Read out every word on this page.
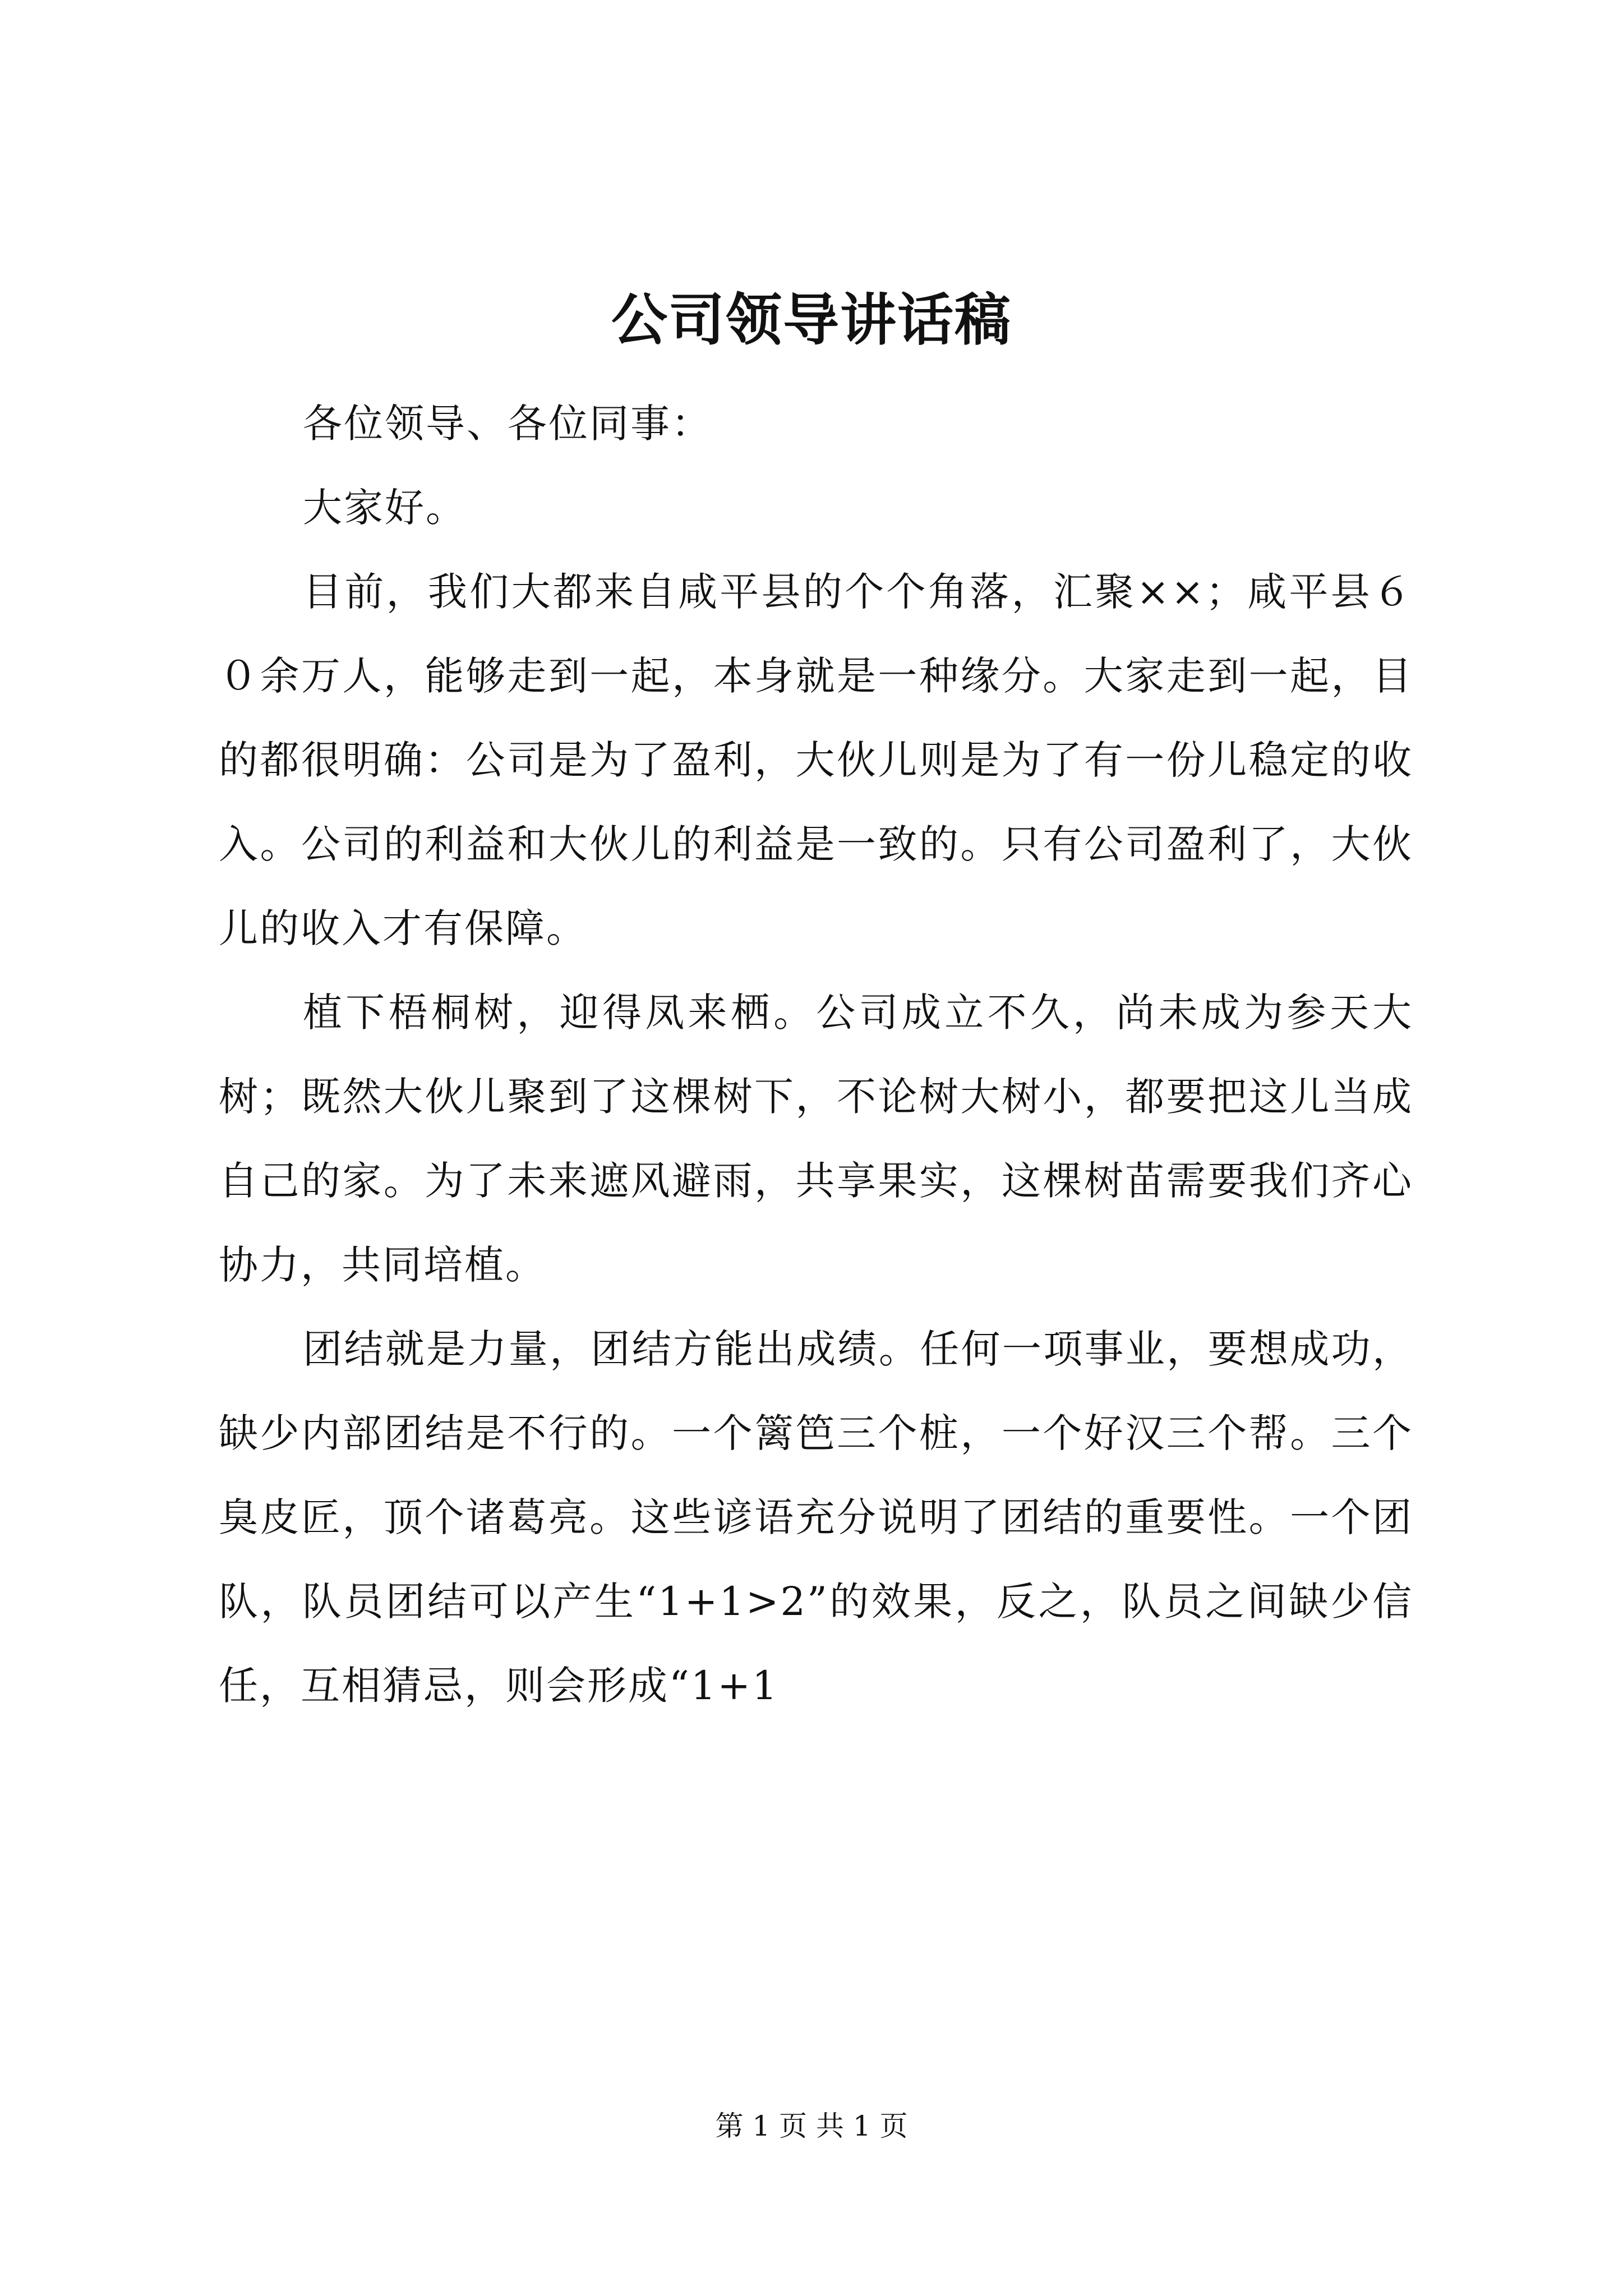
公司领导讲话稿

各位领导、各位同事：

大家好。

目前，我们大都来自咸平县的个个角落，汇聚××；咸平县６０余万人，能够走到一起，本身就是一种缘分。大家走到一起，目的都很明确：公司是为了盈利，大伙儿则是为了有一份儿稳定的收入。公司的利益和大伙儿的利益是一致的。只有公司盈利了，大伙儿的收入才有保障。

植下梧桐树，迎得凤来栖。公司成立不久，尚未成为参天大树；既然大伙儿聚到了这棵树下，不论树大树小，都要把这儿当成自己的家。为了未来遮风避雨，共享果实，这棵树苗需要我们齐心协力，共同培植。

团结就是力量，团结方能出成绩。任何一项事业，要想成功，缺少内部团结是不行的。一个篱笆三个桩，一个好汉三个帮。三个臭皮匠，顶个诸葛亮。这些谚语充分说明了团结的重要性。一个团队，队员团结可以产生“1+1>2”的效果，反之，队员之间缺少信任，互相猜忌，则会形成“1+1

第 1 页 共 1 页
